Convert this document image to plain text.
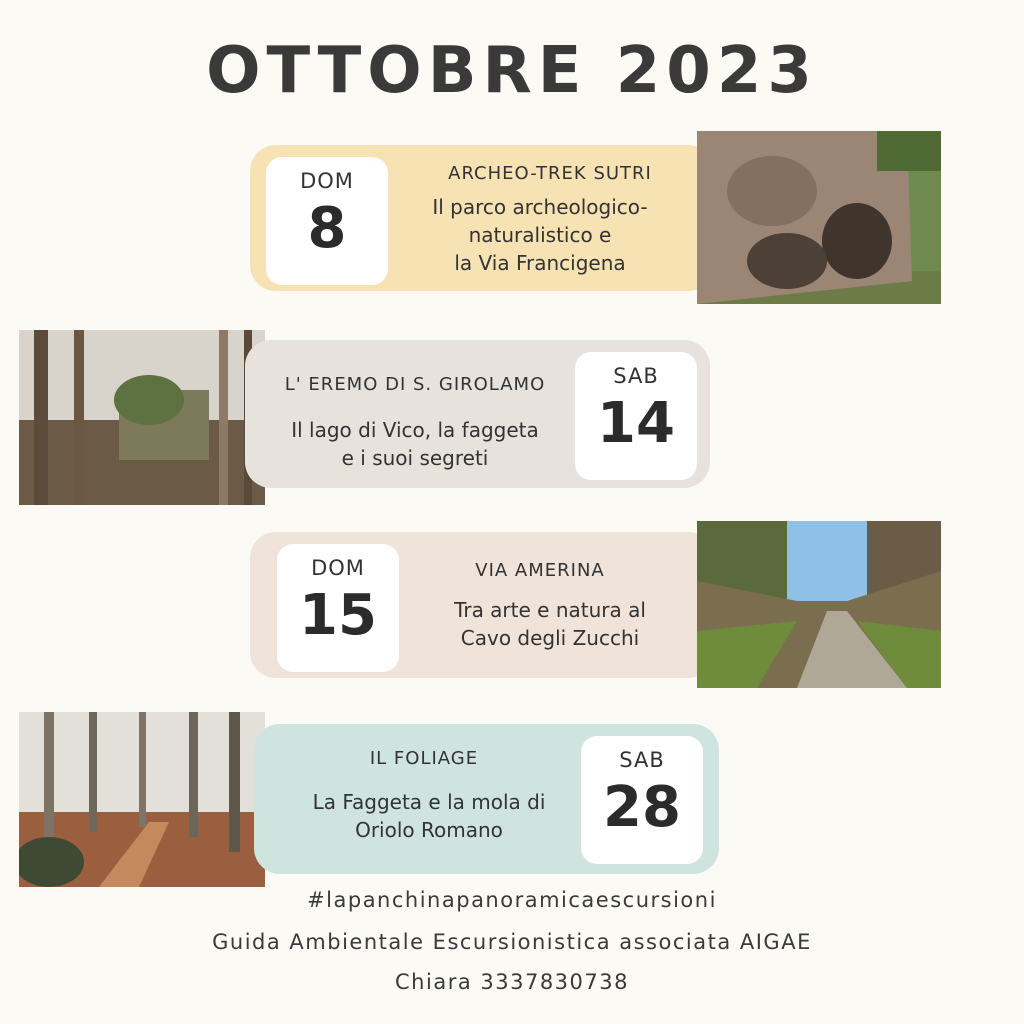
OTTOBRE 2023
DOM
8
ARCHEO-TREK SUTRI
Il parco archeologico-
naturalistico e
la Via Francigena
L' EREMO DI S. GIROLAMO
Il lago di Vico, la faggeta
e i suoi segreti
SAB
14
DOM
15
VIA AMERINA
Tra arte e natura al
Cavo degli Zucchi
IL FOLIAGE
La Faggeta e la mola di
Oriolo Romano
SAB
28
#lapanchinapanoramicaescursioni
Guida Ambientale Escursionistica associata AIGAE
Chiara 3337830738
